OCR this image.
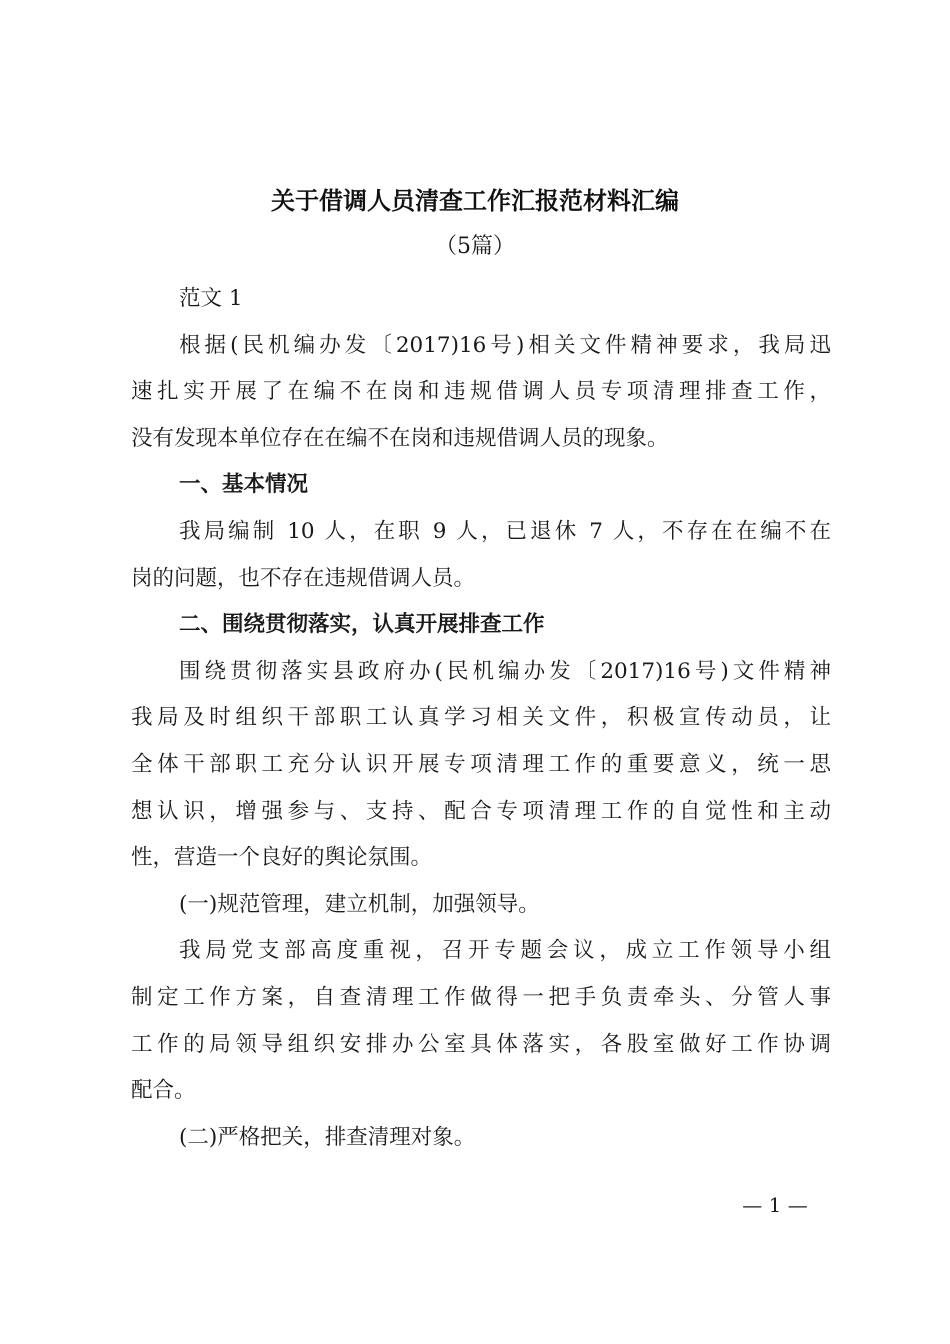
关于借调人员清查工作汇报范材料汇编
（5篇）
范文 1
根据(民机编办发〔2017)16号)相关文件精神要求，我局迅
速扎实开展了在编不在岗和违规借调人员专项清理排查工作，
没有发现本单位存在在编不在岗和违规借调人员的现象。
一、基本情况
我局编制 10 人，在职 9 人，已退休 7 人，不存在在编不在
岗的问题，也不存在违规借调人员。
二、围绕贯彻落实，认真开展排查工作
围绕贯彻落实县政府办(民机编办发〔2017)16号)文件精神
我局及时组织干部职工认真学习相关文件，积极宣传动员，让
全体干部职工充分认识开展专项清理工作的重要意义，统一思
想认识，增强参与、支持、配合专项清理工作的自觉性和主动
性，营造一个良好的舆论氛围。
(一)规范管理，建立机制，加强领导。
我局党支部高度重视，召开专题会议，成立工作领导小组
制定工作方案，自查清理工作做得一把手负责牵头、分管人事
工作的局领导组织安排办公室具体落实，各股室做好工作协调
配合。
(二)严格把关，排查清理对象。
— 1 —
